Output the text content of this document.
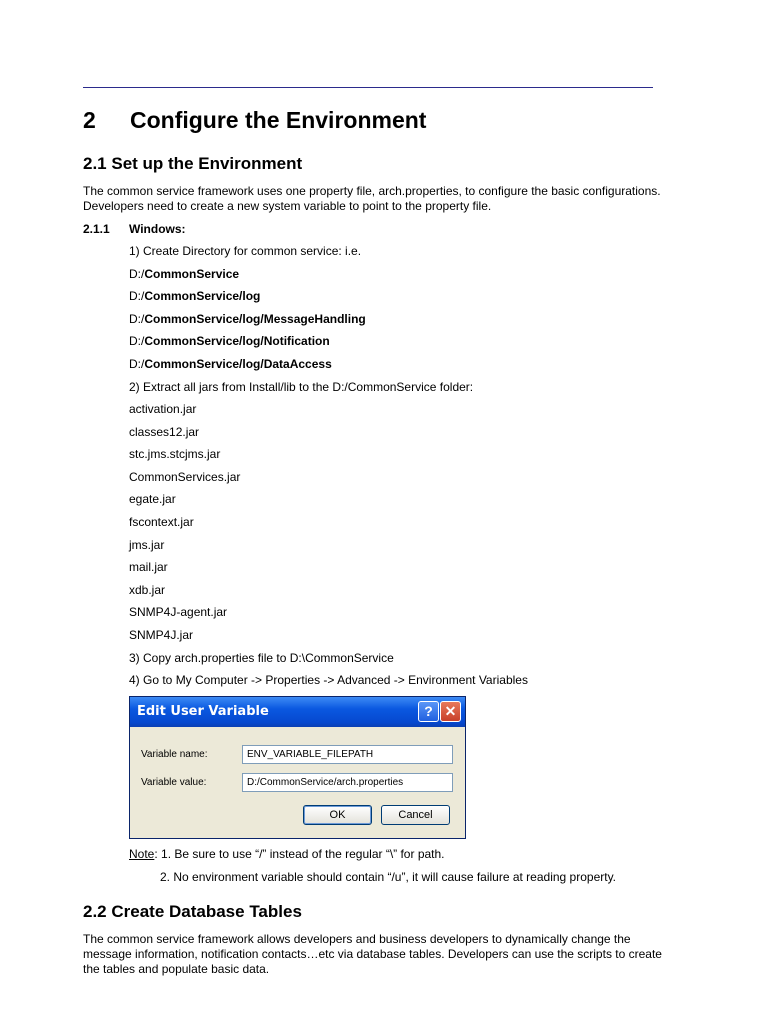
2 Configure the Environment
2.1 Set up the Environment
The common service framework uses one property file, arch.properties, to configure the basic configurations. Developers need to create a new system variable to point to the property file.
2.1.1 Windows:
1) Create Directory for common service: i.e.
D:/CommonService
D:/CommonService/log
D:/CommonService/log/MessageHandling
D:/CommonService/log/Notification
D:/CommonService/log/DataAccess
2) Extract all jars from Install/lib to the D:/CommonService folder:
activation.jar
classes12.jar
stc.jms.stcjms.jar
CommonServices.jar
egate.jar
fscontext.jar
jms.jar
mail.jar
xdb.jar
SNMP4J-agent.jar
SNMP4J.jar
3) Copy arch.properties file to D:\CommonService
4) Go to My Computer -> Properties -> Advanced -> Environment Variables
Edit User Variable	? ✕
Variable name:	ENV_VARIABLE_FILEPATH
Variable value:	D:/CommonService/arch.properties
OK	Cancel
Note: 1. Be sure to use “/” instead of the regular “\” for path.
2. No environment variable should contain “/u”, it will cause failure at reading property.
2.2 Create Database Tables
The common service framework allows developers and business developers to dynamically change the message information, notification contacts…etc via database tables. Developers can use the scripts to create the tables and populate basic data.
